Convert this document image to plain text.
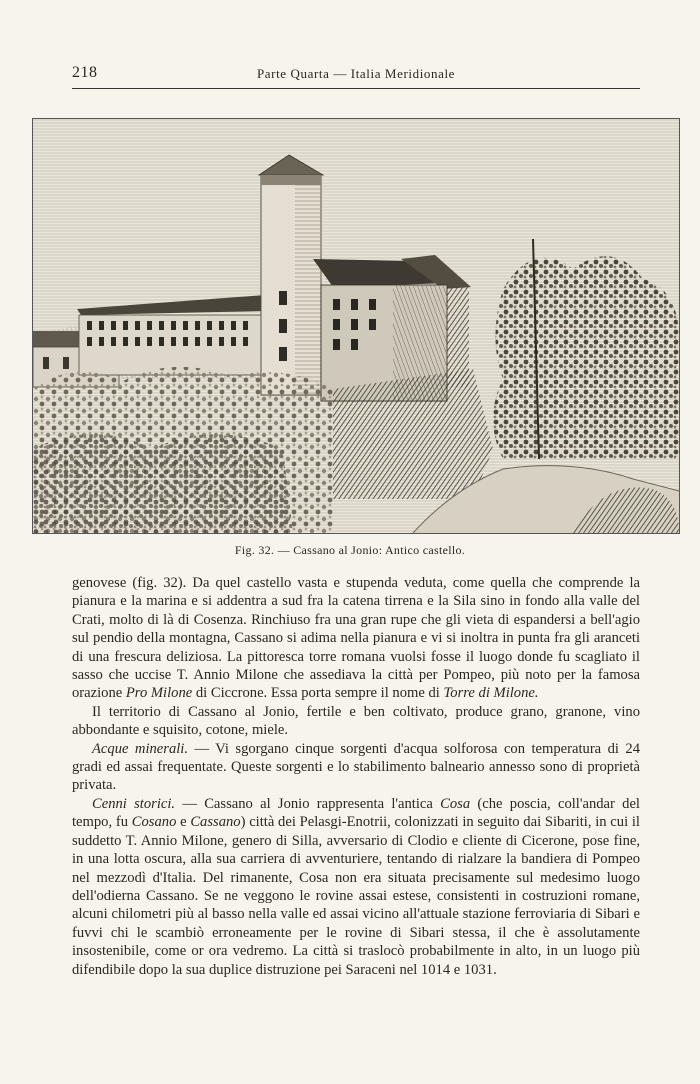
218	Parte Quarta — Italia Meridionale
Fig. 32. — Cassano al Jonio: Antico castello.

genovese (fig. 32). Da quel castello vasta e stupenda veduta, come quella che comprende la pianura e la marina e si addentra a sud fra la catena tirrena e la Sila sino in fondo alla valle del Crati, molto di là di Cosenza. Rinchiuso fra una gran rupe che gli vieta di espandersi a bell'agio sul pendio della montagna, Cassano si adima nella pianura e vi si inoltra in punta fra gli aranceti di una frescura deliziosa. La pittoresca torre romana vuolsi fosse il luogo donde fu scagliato il sasso che uccise T. Annio Milone che assediava la città per Pompeo, più noto per la famosa orazione Pro Milone di Ciccrone. Essa porta sempre il nome di Torre di Milone.

Il territorio di Cassano al Jonio, fertile e ben coltivato, produce grano, granone, vino abbondante e squisito, cotone, miele.

Acque minerali. — Vi sgorgano cinque sorgenti d'acqua solforosa con temperatura di 24 gradi ed assai frequentate. Queste sorgenti e lo stabilimento balneario annesso sono di proprietà privata.

Cenni storici. — Cassano al Jonio rappresenta l'antica Cosa (che poscia, coll'andar del tempo, fu Cosano e Cassano) città dei Pelasgi-Enotrii, colonizzati in seguito dai Sibariti, in cui il suddetto T. Annio Milone, genero di Silla, avversario di Clodio e cliente di Cicerone, pose fine, in una lotta oscura, alla sua carriera di avventuriere, tentando di rialzare la bandiera di Pompeo nel mezzodì d'Italia. Del rimanente, Cosa non era situata precisamente sul medesimo luogo dell'odierna Cassano. Se ne veggono le rovine assai estese, consistenti in costruzioni romane, alcuni chilometri più al basso nella valle ed assai vicino all'attuale stazione ferroviaria di Sibari e fuvvi chi le scambiò erroneamente per le rovine di Sibari stessa, il che è assolutamente insostenibile, come or ora vedremo. La città si traslocò probabilmente in alto, in un luogo più difendibile dopo la sua duplice distruzione pei Saraceni nel 1014 e 1031.
